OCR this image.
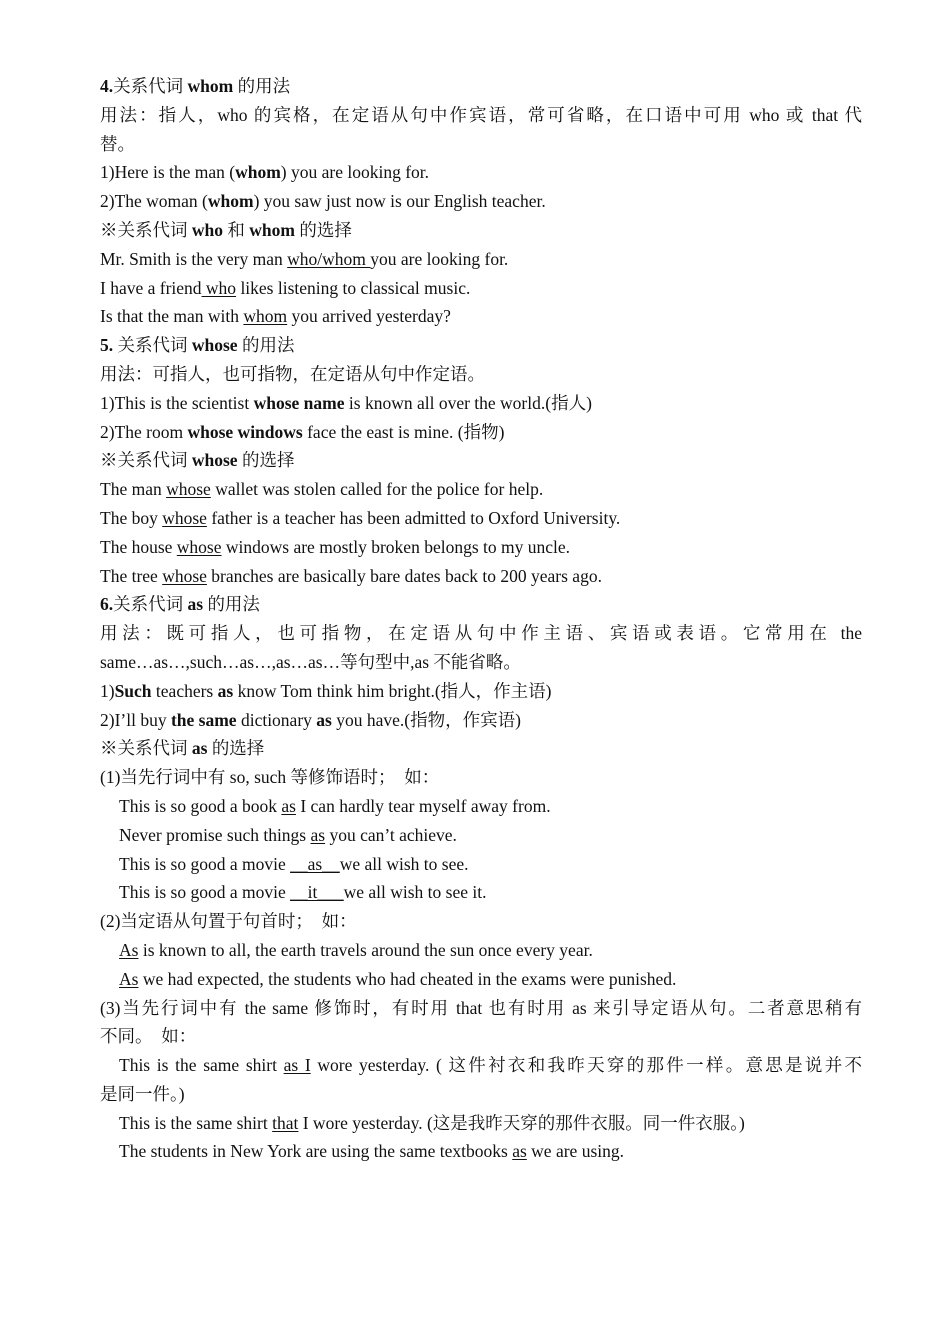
4.关系代词 whom 的用法

用法：指人，who 的宾格，在定语从句中作宾语，常可省略，在口语中可用 who 或 that 代

替。

1)Here is the man (whom) you are looking for.

2)The woman (whom) you saw just now is our English teacher.

※关系代词 who 和 whom 的选择

Mr. Smith is the very man who/whom you are looking for.

I have a friend who likes listening to classical music.

Is that the man with whom you arrived yesterday?

5. 关系代词 whose 的用法

用法：可指人，也可指物，在定语从句中作定语。

1)This is the scientist whose name is known all over the world.(指人)

2)The room whose windows face the east is mine. (指物)

※关系代词 whose 的选择

The man whose wallet was stolen called for the police for help.

The boy whose father is a teacher has been admitted to Oxford University.

The house whose windows are mostly broken belongs to my uncle.

The tree whose branches are basically bare dates back to 200 years ago.

6.关系代词 as 的用法

用法：既可指人，也可指物，在定语从句中作主语、宾语或表语。它常用在 the

same…as…,such…as…,as…as…等句型中,as 不能省略。

1)Such teachers as know Tom think him bright.(指人，作主语)

2)I’ll buy the same dictionary as you have.(指物，作宾语)

※关系代词 as 的选择

(1)当先行词中有 so, such 等修饰语时；　如：

This is so good a book as I can hardly tear myself away from.

Never promise such things as you can’t achieve.

This is so good a movie __as__we all wish to see.

This is so good a movie __it___we all wish to see it.

(2)当定语从句置于句首时；　如：

As is known to all, the earth travels around the sun once every year.

As we had expected, the students who had cheated in the exams were punished.

(3)当先行词中有 the same 修饰时，有时用 that 也有时用 as 来引导定语从句。二者意思稍有

不同。　如：

This is the same shirt as I wore yesterday. ( 这件衬衣和我昨天穿的那件一样。意思是说并不

是同一件。)

This is the same shirt that I wore yesterday. (这是我昨天穿的那件衣服。同一件衣服。)

The students in New York are using the same textbooks as we are using.
